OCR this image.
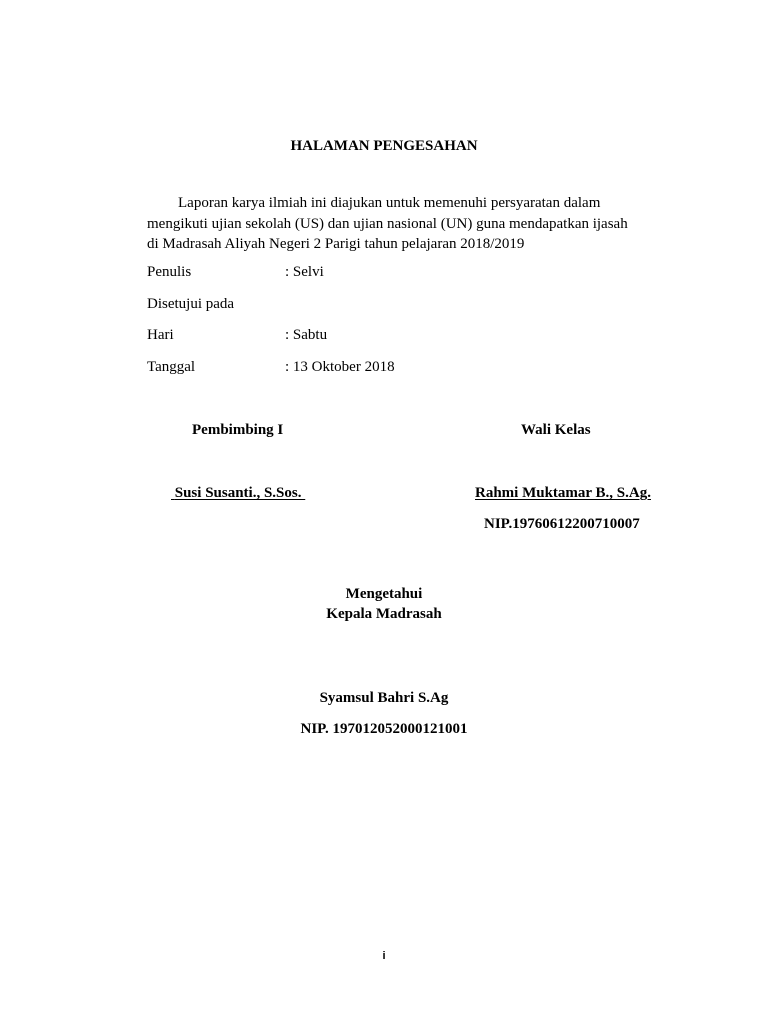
HALAMAN PENGESAHAN
Laporan karya ilmiah ini diajukan untuk memenuhi persyaratan dalam
mengikuti ujian sekolah (US) dan ujian nasional (UN) guna mendapatkan ijasah
di Madrasah Aliyah Negeri 2 Parigi tahun pelajaran 2018/2019
Penulis	: Selvi
Disetujui pada
Hari	: Sabtu
Tanggal	: 13 Oktober 2018
Pembimbing I	Wali Kelas
Susi Susanti., S.Sos.	Rahmi Muktamar B., S.Ag.
NIP.19760612200710007
Mengetahui
Kepala Madrasah
Syamsul Bahri S.Ag
NIP. 197012052000121001
i
